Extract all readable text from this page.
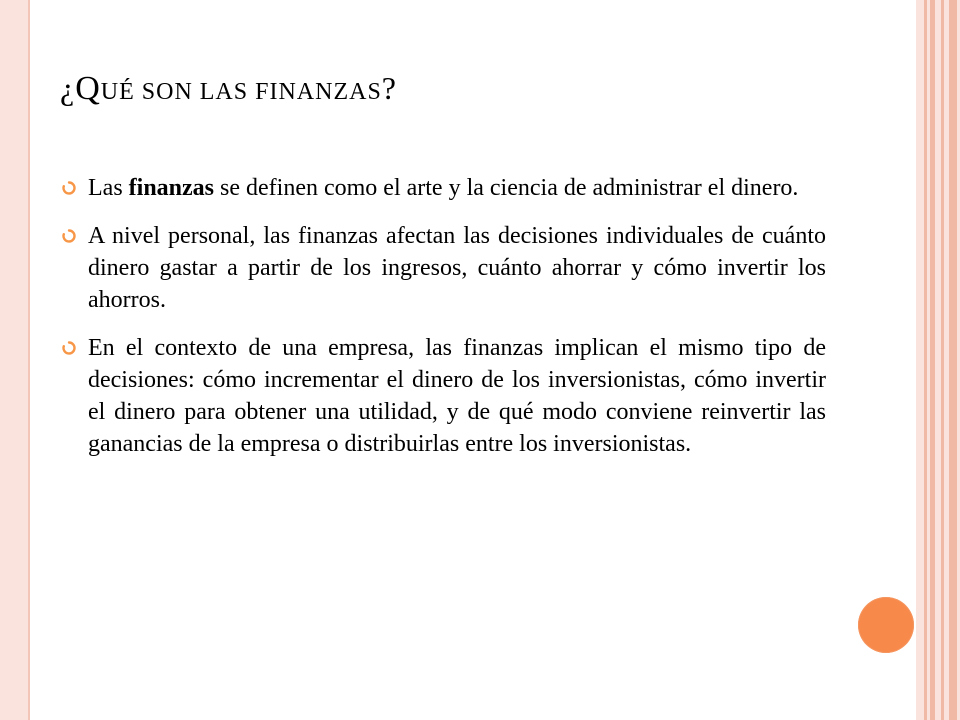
¿QUÉ SON LAS FINANZAS?
Las finanzas se definen como el arte y la ciencia de administrar el dinero.
A nivel personal, las finanzas afectan las decisiones individuales de cuánto dinero gastar a partir de los ingresos, cuánto ahorrar y cómo invertir los ahorros.
En el contexto de una empresa, las finanzas implican el mismo tipo de decisiones: cómo incrementar el dinero de los inversionistas, cómo invertir el dinero para obtener una utilidad, y de qué modo conviene reinvertir las ganancias de la empresa o distribuirlas entre los inversionistas.
